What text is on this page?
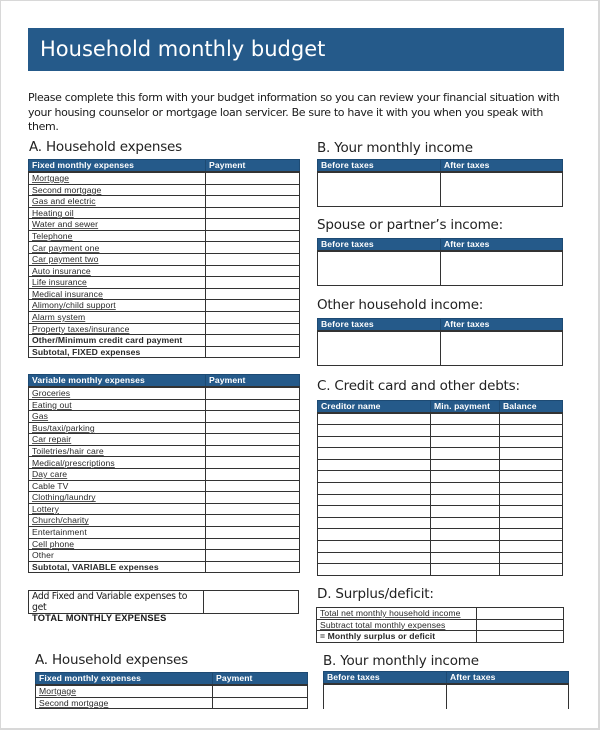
Household monthly budget

Please complete this form with your budget information so you can review your financial situation with your housing counselor or mortgage loan servicer. Be sure to have it with you when you speak with them.

A. Household expenses
Fixed monthly expenses	Payment
Mortgage	
Second mortgage	
Gas and electric	
Heating oil	
Water and sewer	
Telephone	
Car payment one	
Car payment two	
Auto insurance	
Life insurance	
Medical insurance	
Alimony/child support	
Alarm system	
Property taxes/insurance	
Other/Minimum credit card payment	
Subtotal, FIXED expenses	
Variable monthly expenses	Payment
Groceries	
Eating out	
Gas	
Bus/taxi/parking	
Car repair	
Toiletries/hair care	
Medical/prescriptions	
Day care	
Cable TV	
Clothing/laundry	
Lottery	
Church/charity	
Entertainment	
Cell phone	
Other	
Subtotal, VARIABLE expenses	
Add Fixed and Variable expenses to get
TOTAL MONTHLY EXPENSES
B. Your monthly income
Before taxes	After taxes

Spouse or partner’s income:
Before taxes	After taxes

Other household income:
Before taxes	After taxes

C. Credit card and other debts:
Creditor name	Min. payment	Balance

D. Surplus/deficit:
Total net monthly household income	
Subtract total monthly expenses	
= Monthly surplus or deficit	
A. Household expenses
Fixed monthly expenses	Payment
Mortgage	
Second mortgage	
B. Your monthly income
Before taxes	After taxes
